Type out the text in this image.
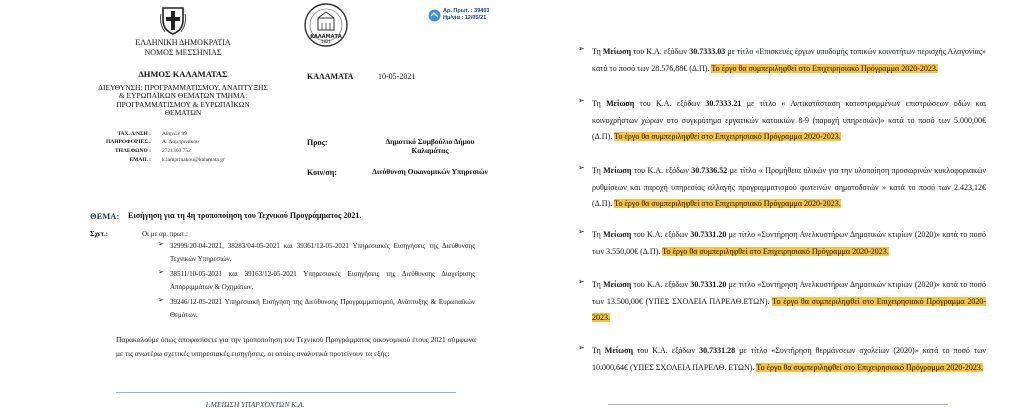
ΚΑΛΑΜΑΤΑ
1821
Αρ. Πρωτ. : 39403
Ημ/νία : 12/05/21
ΕΛΛΗΝΙΚΗ ΔΗΜΟΚΡΑΤΙΑ
ΝΟΜΟΣ ΜΕΣΣΗΝΙΑΣ
ΔΗΜΟΣ ΚΑΛΑΜΑΤΑΣ
ΔΙΕΥΘΥΝΣΗ: ΠΡΟΓΡΑΜΜΑΤΙΣΜΟΥ, ΑΝΑΠΤΥΞΗΣ & ΕΥΡΩΠΑΪΚΩΝ ΘΕΜΑΤΩΝ ΤΜΗΜΑ: ΠΡΟΓΡΑΜΜΑΤΙΣΜΟΥ & ΕΥΡΩΠΑΪΚΩΝ ΘΕΜΑΤΩΝ
ΚΑΛΑΜΑΤΑ	10-05-2021
ΤΑΧ. Δ/ΝΣΗ : Αθηνών 99
ΠΛΗΡΟΦΟΡΙΕΣ : Α. Λαμπρινάκου
ΤΗΛΕΦΩΝΟ : 2721360 752
EMAIL : k.lamprinakou@kalamata.gr
Προς:	Δημοτικό Συμβούλιο Δήμου Καλαμάτας
Κοιν/ση:	Διεύθυνση Οικονομικών Υπηρεσιών
ΘΕΜΑ: Εισήγηση για τη 4η τροποποίηση του Τεχνικού Προγράμματος 2021.
Σχετ.:	Οι με αρ. πρωτ.:
➢ 32999/20-04-2021, 38283/04-05-2021 και 39361/12-05-2021 Υπηρεσιακές Εισηγήσεις της Διεύθυνσης Τεχνικών Υπηρεσιών,
➢ 38511/10-05-2021 και 39163/12-05-2021 Υπηρεσιακές Εισηγήσεις της Διεύθυνσης Διαχείρισης Απορριμμάτων & Οχημάτων,
➢ 39246/12-05-2021 Υπηρεσιακή Εισήγηση της Διεύθυνσης Προγραμματισμού, Ανάπτυξης & Ευρωπαϊκών Θεμάτων.
Παρακαλούμε όπως αποφασίσετε για την τροποποίηση του Τεχνικού Προγράμματος οικονομικού έτους 2021 σύμφωνα με τις ανωτέρω σχετικές υπηρεσιακές εισηγήσεις, οι οποίες αναλυτικά προτείνουν τα εξής:
1.ΜΕΙΩΣΗ ΥΠΑΡΧΟΝΤΩΝ Κ.Α.
➢ Τη Μείωση του Κ.Α. εξόδων 30.7333.03 με τίτλο «Επισκευές έργων υποδομής τοπικών κοινοτήτων περιοχής Αλαγονίας» κατά το ποσό των 28.576,88€ (Δ.Π). Το έργο θα συμπεριληφθεί στο Επιχειρησιακό Πρόγραμμα 2020-2023.
➢ Τη Μείωση του Κ.Α. εξόδων 30.7333.21 με τίτλο « Αντικατάσταση κατεστραμμένων επιστρώσεων οδών και κοινοχρήστων χώρων στο συγκρότημα εργατικών κατοικιών 8-9 (παροχή υπηρεσιών)» κατά το ποσό των 5.000,00€ (Δ.Π). Το έργο θα συμπεριληφθεί στο Επιχειρησιακό Πρόγραμμα 2020-2023.
➢ Τη Μείωση του Κ.Α. εξόδων 30.7336.52 με τίτλο « Προμήθεια υλικών για την υλοποίηση προσωρινών κυκλοφοριακών ρυθμίσεων και παροχή υπηρεσίας αλλαγής προγραμματισμού φωτεινών σηματοδοτών » κατά το ποσό των 2.423,12€ (Δ.Π). Το έργο θα συμπεριληφθεί στο Επιχειρησιακό Πρόγραμμα 2020-2023.
➢ Τη Μείωση του Κ.Α. εξόδων 30.7331.20 με τίτλο «Συντήρηση Ανελκυστήρων Δημοτικών κτιρίων (2020)» κατά το ποσό των 3.550,00€ (Δ.Π). Το έργο θα συμπεριληφθεί στο Επιχειρησιακό Πρόγραμμα 2020-2023.
➢ Τη Μείωση του Κ.Α. εξόδων 30.7331.20 με τίτλο «Συντήρηση Ανελκυστήρων Δημοτικών κτιρίων (2020)» κατά το ποσό των 13.500,00€ (ΥΠΕΣ ΣΧΟΛΕΙΑ ΠΑΡΕΑΘ.ΕΤΩΝ). Το έργο θα συμπεριληφθεί στο Επιχειρησιακό Πρόγραμμα 2020-2023.
➢ Τη Μείωση του Κ.Α. εξόδων 30.7331.28 με τίτλο «Συντήρηση θερμάνσεων σχολείων (2020)» κατά το ποσό των 10.000,64€ (ΥΠΕΣ ΣΧΟΛΕΙΑ ΠΑΡΕΛΘ. ΕΤΩΝ). Το έργο θα συμπεριληφθεί στο Επιχειρησιακό Πρόγραμμα 2020-2023.
